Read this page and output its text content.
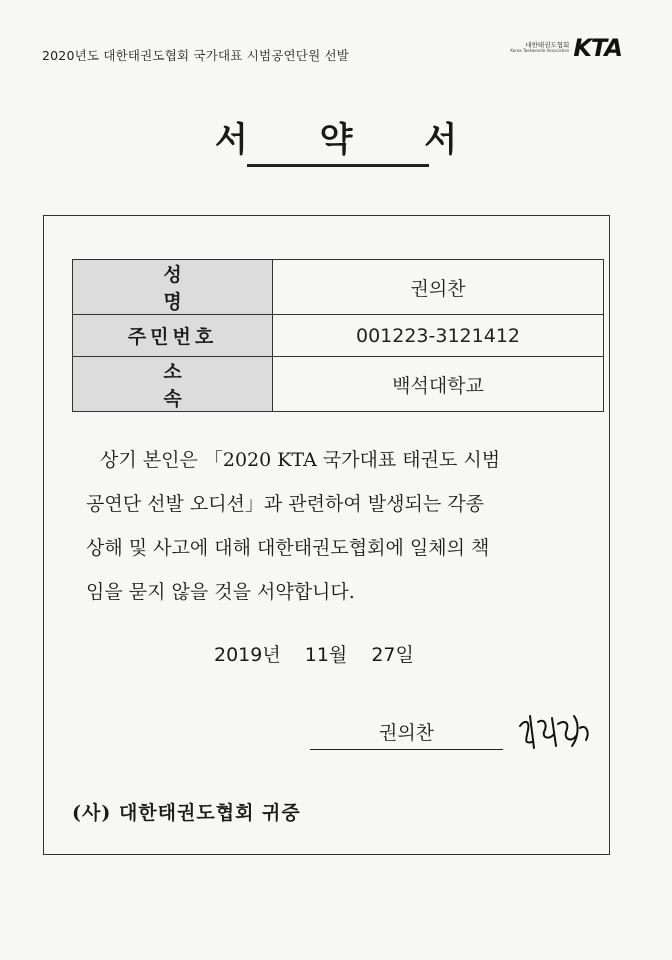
2020년도 대한태권도협회 국가대표 시범공연단원 선발
대한태권도협회
Korea Taekwondo Association KTA
서 약 서
성 명	권의찬
주민번호	001223-3121412
소 속	백석대학교

상기 본인은 「2020 KTA 국가대표 태권도 시범

공연단 선발 오디션」과 관련하여 발생되는 각종

상해 및 사고에 대해 대한태권도협회에 일체의 책

임을 묻지 않을 것을 서약합니다.

2019년 11월 27일
권의찬
(사) 대한태권도협회 귀중
